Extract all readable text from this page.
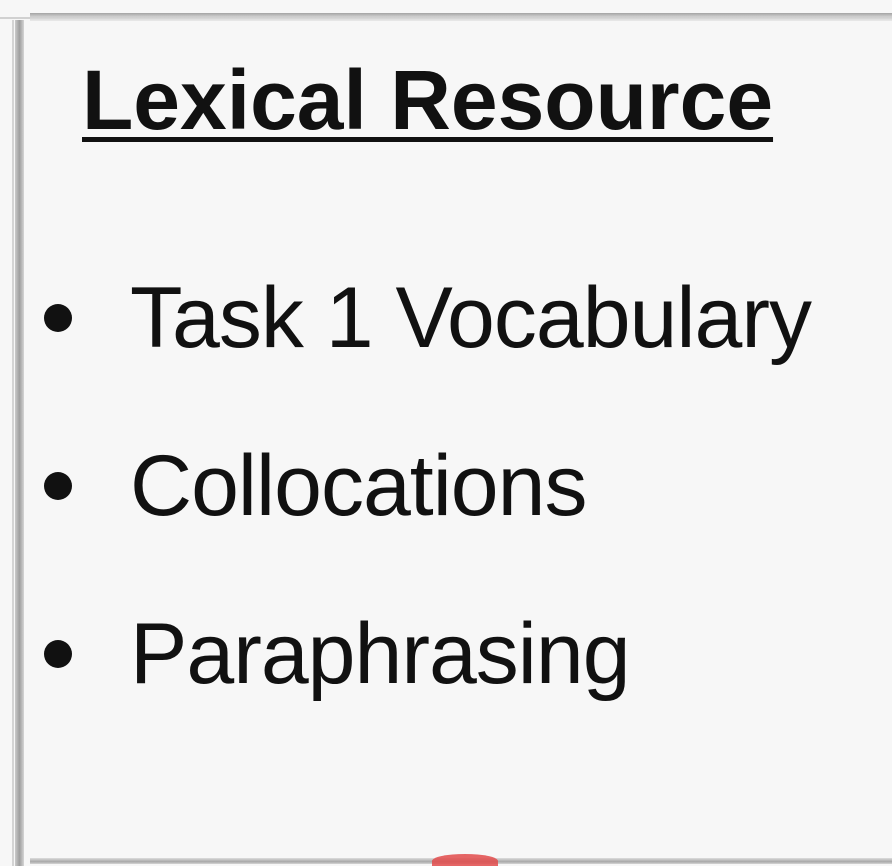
Lexical Resource
Task 1 Vocabulary
Collocations
Paraphrasing
